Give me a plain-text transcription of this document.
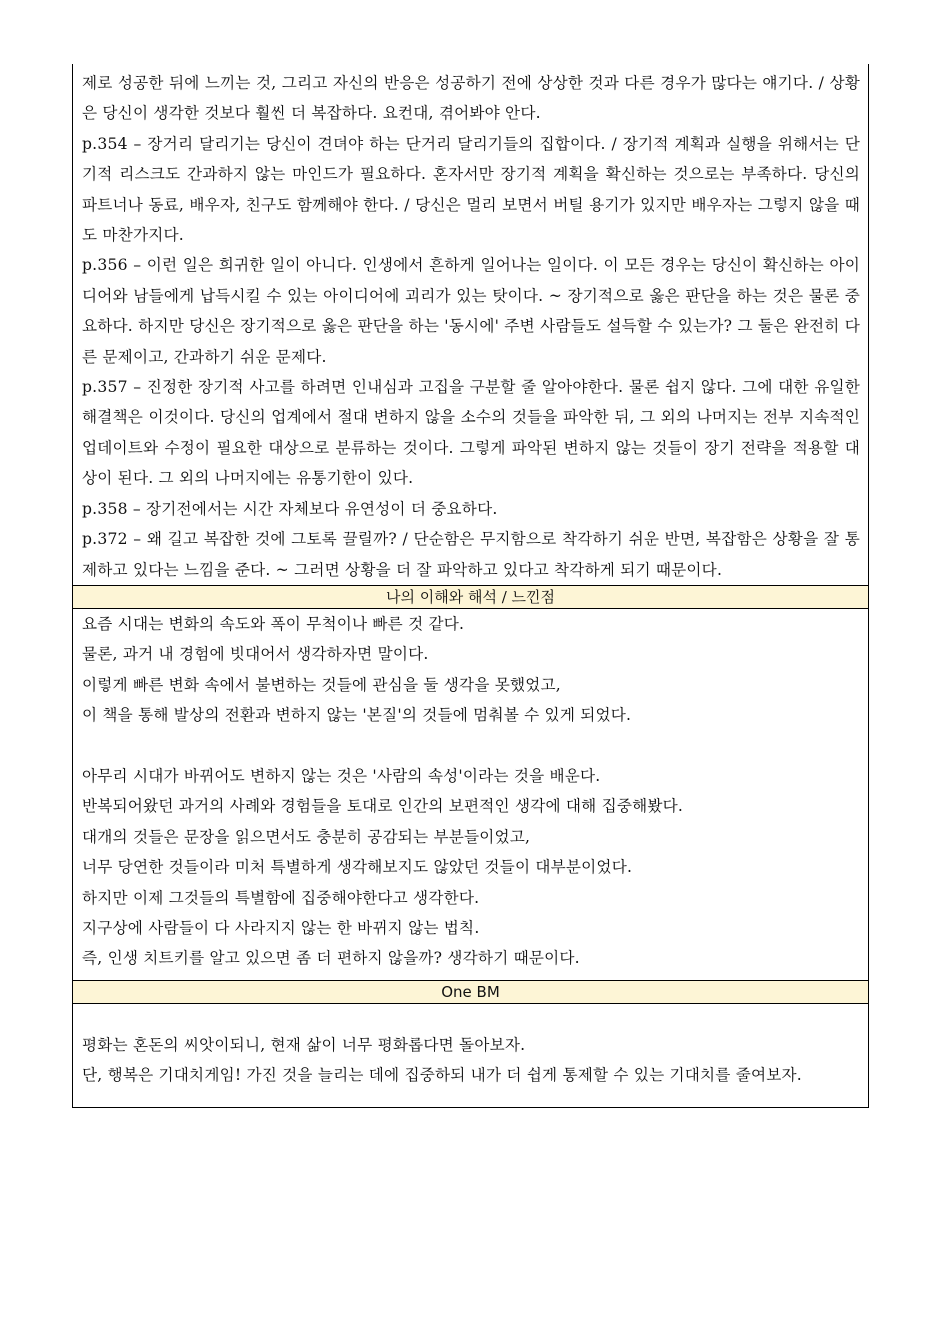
제로 성공한 뒤에 느끼는 것, 그리고 자신의 반응은 성공하기 전에 상상한 것과 다른 경우가 많다는 얘기다. / 상황은 당신이 생각한 것보다 훨씬 더 복잡하다. 요컨대, 겪어봐야 안다.

p.354 – 장거리 달리기는 당신이 견뎌야 하는 단거리 달리기들의 집합이다. / 장기적 계획과 실행을 위해서는 단기적 리스크도 간과하지 않는 마인드가 필요하다. 혼자서만 장기적 계획을 확신하는 것으로는 부족하다. 당신의 파트너나 동료, 배우자, 친구도 함께해야 한다. / 당신은 멀리 보면서 버틸 용기가 있지만 배우자는 그렇지 않을 때도 마찬가지다.

p.356 – 이런 일은 희귀한 일이 아니다. 인생에서 흔하게 일어나는 일이다. 이 모든 경우는 당신이 확신하는 아이디어와 남들에게 납득시킬 수 있는 아이디어에 괴리가 있는 탓이다. ~ 장기적으로 옳은 판단을 하는 것은 물론 중요하다. 하지만 당신은 장기적으로 옳은 판단을 하는 '동시에' 주변 사람들도 설득할 수 있는가? 그 둘은 완전히 다른 문제이고, 간과하기 쉬운 문제다.

p.357 – 진정한 장기적 사고를 하려면 인내심과 고집을 구분할 줄 알아야한다. 물론 쉽지 않다. 그에 대한 유일한 해결책은 이것이다. 당신의 업계에서 절대 변하지 않을 소수의 것들을 파악한 뒤, 그 외의 나머지는 전부 지속적인 업데이트와 수정이 필요한 대상으로 분류하는 것이다. 그렇게 파악된 변하지 않는 것들이 장기 전략을 적용할 대상이 된다. 그 외의 나머지에는 유통기한이 있다.

p.358 – 장기전에서는 시간 자체보다 유연성이 더 중요하다.

p.372 – 왜 길고 복잡한 것에 그토록 끌릴까? / 단순함은 무지함으로 착각하기 쉬운 반면, 복잡함은 상황을 잘 통제하고 있다는 느낌을 준다. ~ 그러면 상황을 더 잘 파악하고 있다고 착각하게 되기 때문이다.

나의 이해와 해석 / 느낀점

요즘 시대는 변화의 속도와 폭이 무척이나 빠른 것 같다.

물론, 과거 내 경험에 빗대어서 생각하자면 말이다.

이렇게 빠른 변화 속에서 불변하는 것들에 관심을 둘 생각을 못했었고,

이 책을 통해 발상의 전환과 변하지 않는 '본질'의 것들에 멈춰볼 수 있게 되었다.

아무리 시대가 바뀌어도 변하지 않는 것은 '사람의 속성'이라는 것을 배운다.

반복되어왔던 과거의 사례와 경험들을 토대로 인간의 보편적인 생각에 대해 집중해봤다.

대개의 것들은 문장을 읽으면서도 충분히 공감되는 부분들이었고,

너무 당연한 것들이라 미처 특별하게 생각해보지도 않았던 것들이 대부분이었다.

하지만 이제 그것들의 특별함에 집중해야한다고 생각한다.

지구상에 사람들이 다 사라지지 않는 한 바뀌지 않는 법칙.

즉, 인생 치트키를 알고 있으면 좀 더 편하지 않을까? 생각하기 때문이다.

One BM

평화는 혼돈의 씨앗이되니, 현재 삶이 너무 평화롭다면 돌아보자.

단, 행복은 기대치게임! 가진 것을 늘리는 데에 집중하되 내가 더 쉽게 통제할 수 있는 기대치를 줄여보자.
